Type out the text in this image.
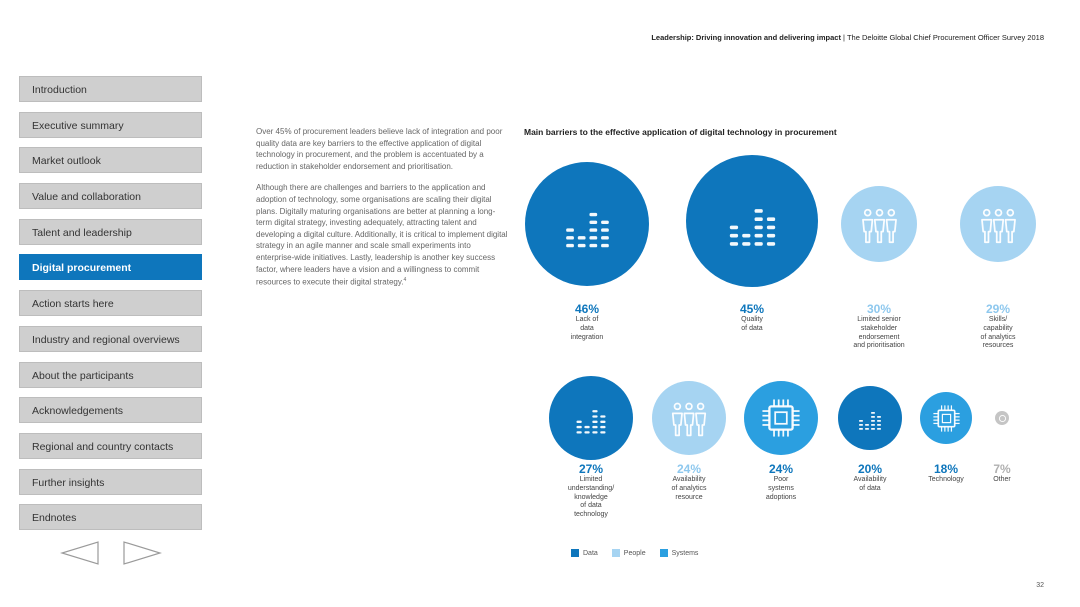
Leadership: Driving innovation and delivering impact | The Deloitte Global Chief Procurement Officer Survey 2018
Introduction
Executive summary
Market outlook
Value and collaboration
Talent and leadership
Digital procurement
Action starts here
Industry and regional overviews
About the participants
Acknowledgements
Regional and country contacts
Further insights
Endnotes

Over 45% of procurement leaders believe lack of integration and poor quality data are key barriers to the effective application of digital technology in procurement, and the problem is accentuated by a reduction in stakeholder endorsement and prioritisation.

Although there are challenges and barriers to the application and adoption of technology, some organisations are scaling their digital plans. Digitally maturing organisations are better at planning a long-term digital strategy, investing adequately, attracting talent and developing a digital culture. Additionally, it is critical to implement digital strategy in an agile manner and scale small experiments into enterprise-wide initiatives. Lastly, leadership is another key success factor, where leaders have a vision and a willingness to commit resources to execute their digital strategy.$^4$

Main barriers to the effective application of digital technology in procurement
46%
Lack of
data
integration
45%
Quality
of data
30%
Limited senior
stakeholder
endorsement
and prioritisation
29%
Skills/
capability
of analytics
resources
27%
Limited
understanding/
knowledge
of data
technology
24%
Availability
of analytics
resource
24%
Poor
systems
adoptions
20%
Availability
of data
18%
Technology
7%
Other
Data	People	Systems
32
